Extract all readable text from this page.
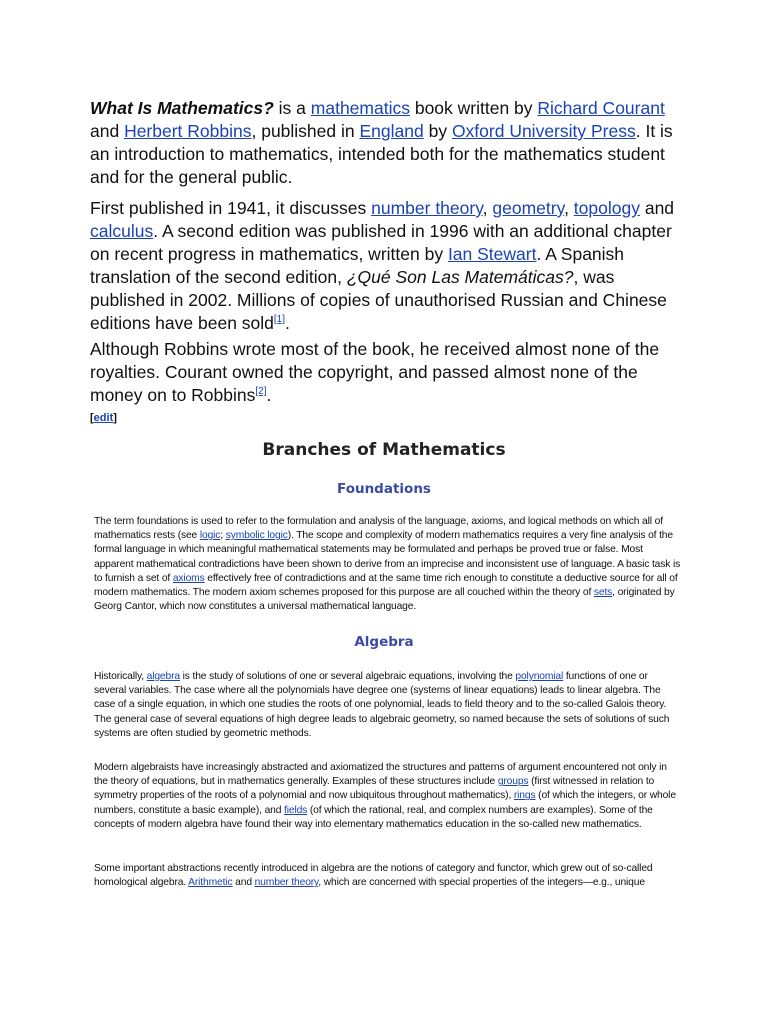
What Is Mathematics? is a mathematics book written by Richard Courant and Herbert Robbins, published in England by Oxford University Press. It is an introduction to mathematics, intended both for the mathematics student and for the general public.

First published in 1941, it discusses number theory, geometry, topology and calculus. A second edition was published in 1996 with an additional chapter on recent progress in mathematics, written by Ian Stewart. A Spanish translation of the second edition, ¿Qué Son Las Matemáticas?, was published in 2002. Millions of copies of unauthorised Russian and Chinese editions have been sold[1].

Although Robbins wrote most of the book, he received almost none of the royalties. Courant owned the copyright, and passed almost none of the money on to Robbins[2].

[edit]

Branches of Mathematics
Foundations

The term foundations is used to refer to the formulation and analysis of the language, axioms, and logical methods on which all of mathematics rests (see logic; symbolic logic). The scope and complexity of modern mathematics requires a very fine analysis of the formal language in which meaningful mathematical statements may be formulated and perhaps be proved true or false. Most apparent mathematical contradictions have been shown to derive from an imprecise and inconsistent use of language. A basic task is to furnish a set of axioms effectively free of contradictions and at the same time rich enough to constitute a deductive source for all of modern mathematics. The modern axiom schemes proposed for this purpose are all couched within the theory of sets, originated by Georg Cantor, which now constitutes a universal mathematical language.

Algebra

Historically, algebra is the study of solutions of one or several algebraic equations, involving the polynomial functions of one or several variables. The case where all the polynomials have degree one (systems of linear equations) leads to linear algebra. The case of a single equation, in which one studies the roots of one polynomial, leads to field theory and to the so-called Galois theory. The general case of several equations of high degree leads to algebraic geometry, so named because the sets of solutions of such systems are often studied by geometric methods.

Modern algebraists have increasingly abstracted and axiomatized the structures and patterns of argument encountered not only in the theory of equations, but in mathematics generally. Examples of these structures include groups (first witnessed in relation to symmetry properties of the roots of a polynomial and now ubiquitous throughout mathematics), rings (of which the integers, or whole numbers, constitute a basic example), and fields (of which the rational, real, and complex numbers are examples). Some of the concepts of modern algebra have found their way into elementary mathematics education in the so-called new mathematics.

Some important abstractions recently introduced in algebra are the notions of category and functor, which grew out of so-called homological algebra. Arithmetic and number theory, which are concerned with special properties of the integers—e.g., unique
